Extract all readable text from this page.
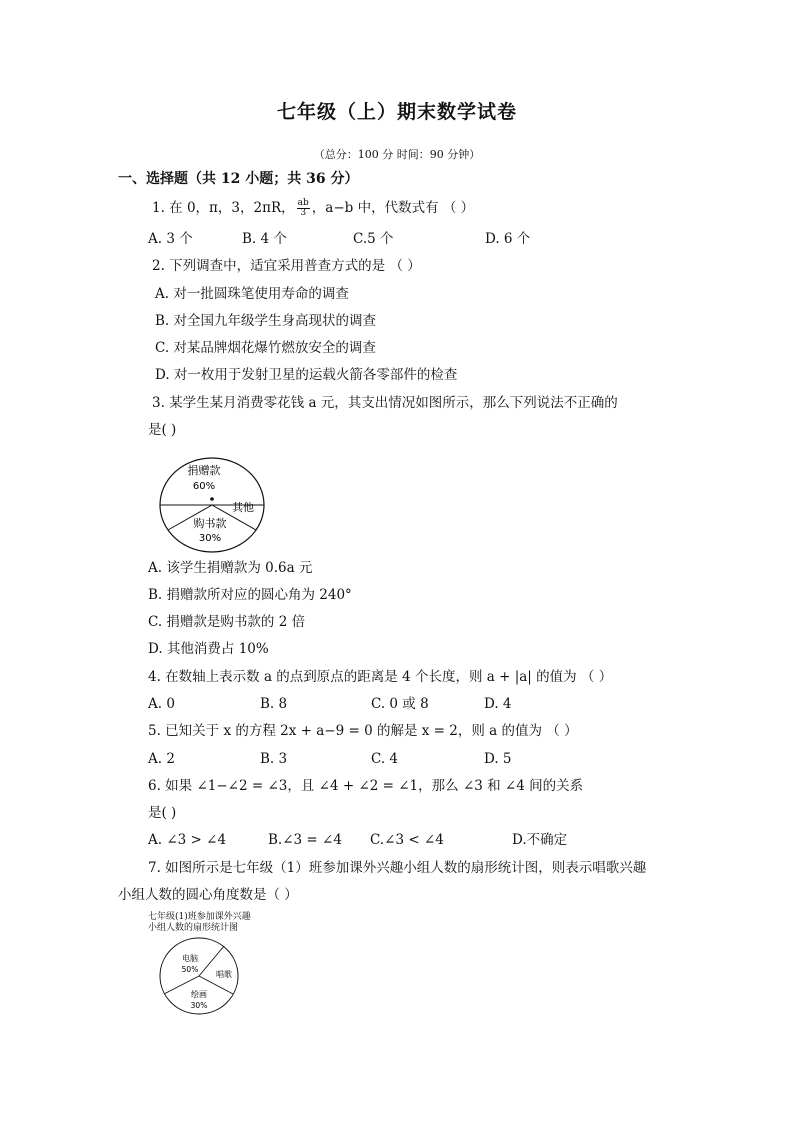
七年级（上）期末数学试卷
（总分：100 分 时间：90 分钟）
一、选择题（共 12 小题；共 36 分）
1. 在 0，π，3，2πR， $\frac{ab}{3}$ ，a−b 中，代数式有 （ ）
A. 3 个	B. 4 个	C.5 个	D. 6 个
2. 下列调查中，适宜采用普查方式的是 （ ）
A. 对一批圆珠笔使用寿命的调查
B. 对全国九年级学生身高现状的调查
C. 对某品牌烟花爆竹燃放安全的调查
D. 对一枚用于发射卫星的运载火箭各零部件的检查
3. 某学生某月消费零花钱 a 元，其支出情况如图所示，那么下列说法不正确的
是( )
捐赠款
60%
其他
购书款
30%
A. 该学生捐赠款为 0.6a 元
B. 捐赠款所对应的圆心角为 240°
C. 捐赠款是购书款的 2 倍
D. 其他消费占 10%
4. 在数轴上表示数 a 的点到原点的距离是 4 个长度，则 a + |a| 的值为 （ ）
A. 0	B. 8	C. 0 或 8	D. 4
5. 已知关于 x 的方程 2x + a−9 = 0 的解是 x = 2，则 a 的值为 （ ）
A. 2	B. 3	C. 4	D. 5
6. 如果 ∠1−∠2 = ∠3，且 ∠4 + ∠2 = ∠1，那么 ∠3 和 ∠4 间的关系
是( )
A. ∠3 > ∠4	B.∠3 = ∠4 C.∠3 < ∠4	D.不确定
7. 如图所示是七年级（1）班参加课外兴趣小组人数的扇形统计图，则表示唱歌兴趣
小组人数的圆心角度数是（ ）
七年级(1)班参加课外兴趣
小组人数的扇形统计图
电脑
50%
唱歌
绘画
30%
